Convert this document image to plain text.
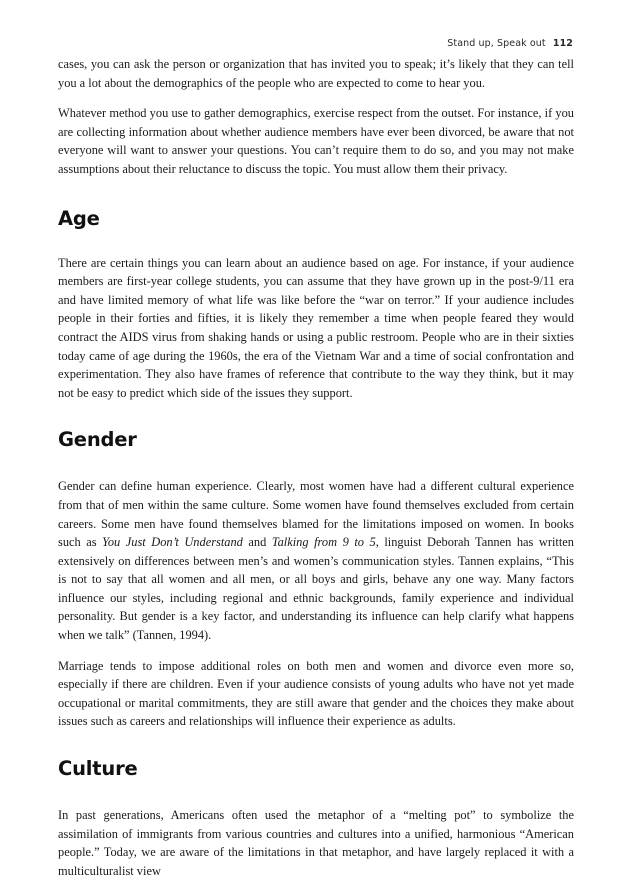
Stand up, Speak out 112

cases, you can ask the person or organization that has invited you to speak; it’s likely that they can tell you a lot about the demographics of the people who are expected to come to hear you.

Whatever method you use to gather demographics, exercise respect from the outset. For instance, if you are collecting information about whether audience members have ever been divorced, be aware that not everyone will want to answer your questions. You can’t require them to do so, and you may not make assumptions about their reluctance to discuss the topic. You must allow them their privacy.

Age

There are certain things you can learn about an audience based on age. For instance, if your audience members are first-year college students, you can assume that they have grown up in the post-9/11 era and have limited memory of what life was like before the “war on terror.” If your audience includes people in their forties and fifties, it is likely they remember a time when people feared they would contract the AIDS virus from shaking hands or using a public restroom. People who are in their sixties today came of age during the 1960s, the era of the Vietnam War and a time of social confrontation and experimentation. They also have frames of reference that contribute to the way they think, but it may not be easy to predict which side of the issues they support.

Gender

Gender can define human experience. Clearly, most women have had a different cultural experience from that of men within the same culture. Some women have found themselves excluded from certain careers. Some men have found themselves blamed for the limitations imposed on women. In books such as You Just Don’t Understand and Talking from 9 to 5, linguist Deborah Tannen has written extensively on differences between men’s and women’s communication styles. Tannen explains, “This is not to say that all women and all men, or all boys and girls, behave any one way. Many factors influence our styles, including regional and ethnic backgrounds, family experience and individual personality. But gender is a key factor, and understanding its influence can help clarify what happens when we talk” (Tannen, 1994).

Marriage tends to impose additional roles on both men and women and divorce even more so, especially if there are children. Even if your audience consists of young adults who have not yet made occupational or marital commitments, they are still aware that gender and the choices they make about issues such as careers and relationships will influence their experience as adults.

Culture

In past generations, Americans often used the metaphor of a “melting pot” to symbolize the assimilation of immigrants from various countries and cultures into a unified, harmonious “American people.” Today, we are aware of the limitations in that metaphor, and have largely replaced it with a multiculturalist view
